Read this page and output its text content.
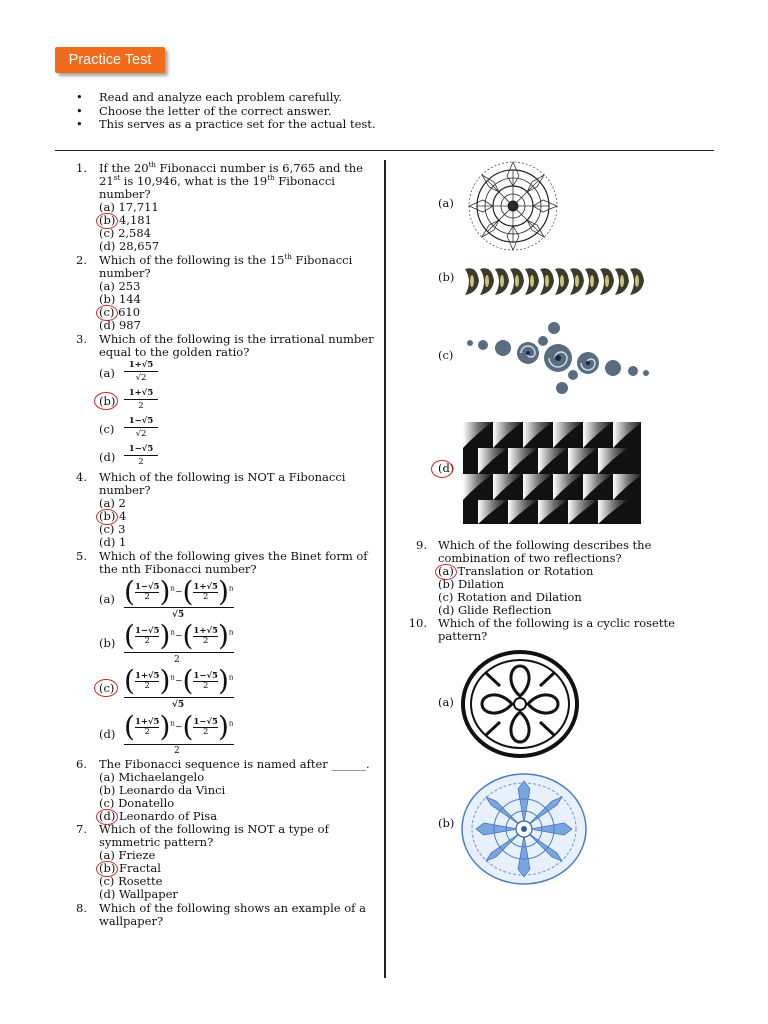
Practice Test
• Read and analyze each problem carefully.
• Choose the letter of the correct answer.
• This serves as a practice set for the actual test.
1. If the 20th Fibonacci number is 6,765 and the
21st is 10,946, what is the 19th Fibonacci
number?
(a) 17,711
(b) 4,181
(c) 2,584
(d) 28,657
2. Which of the following is the 15th Fibonacci
number?
(a) 253
(b) 144
(c) 610
(d) 987
3. Which of the following is the irrational number
equal to the golden ratio?
(a)
1+√5
√2
(b)
1+√5
2
(c)
1−√5
√2
(d)
1−√5
2
4. Which of the following is NOT a Fibonacci
number?
(a) 2
(b) 4
(c) 3
(d) 1
5. Which of the following gives the Binet form of
the nth Fibonacci number?
(a) ( $\frac{1-√5}{2} )^n-( \frac{1+√5}{2} )^n$
√5
(b) ( $\frac{1-√5}{2} )^n-( \frac{1+√5}{2} )^n$
2
(c) ( $\frac{1+√5}{2} )^n-( \frac{1-√5}{2} )^n$
√5
(d) ( $\frac{1+√5}{2} )^n-( \frac{1-√5}{2} )^n$
2
6. The Fibonacci sequence is named after ______.
(a) Michaelangelo
(b) Leonardo da Vinci
(c) Donatello
(d) Leonardo of Pisa
7. Which of the following is NOT a type of
symmetric pattern?
(a) Frieze
(b) Fractal
(c) Rosette
(d) Wallpaper
8. Which of the following shows an example of a
wallpaper?
(a)
(b)
(c)
(d)
9. Which of the following describes the
combination of two reflections?
(a) Translation or Rotation
(b) Dilation
(c) Rotation and Dilation
(d) Glide Reflection
10. Which of the following is a cyclic rosette
pattern?
(a)
(b)
